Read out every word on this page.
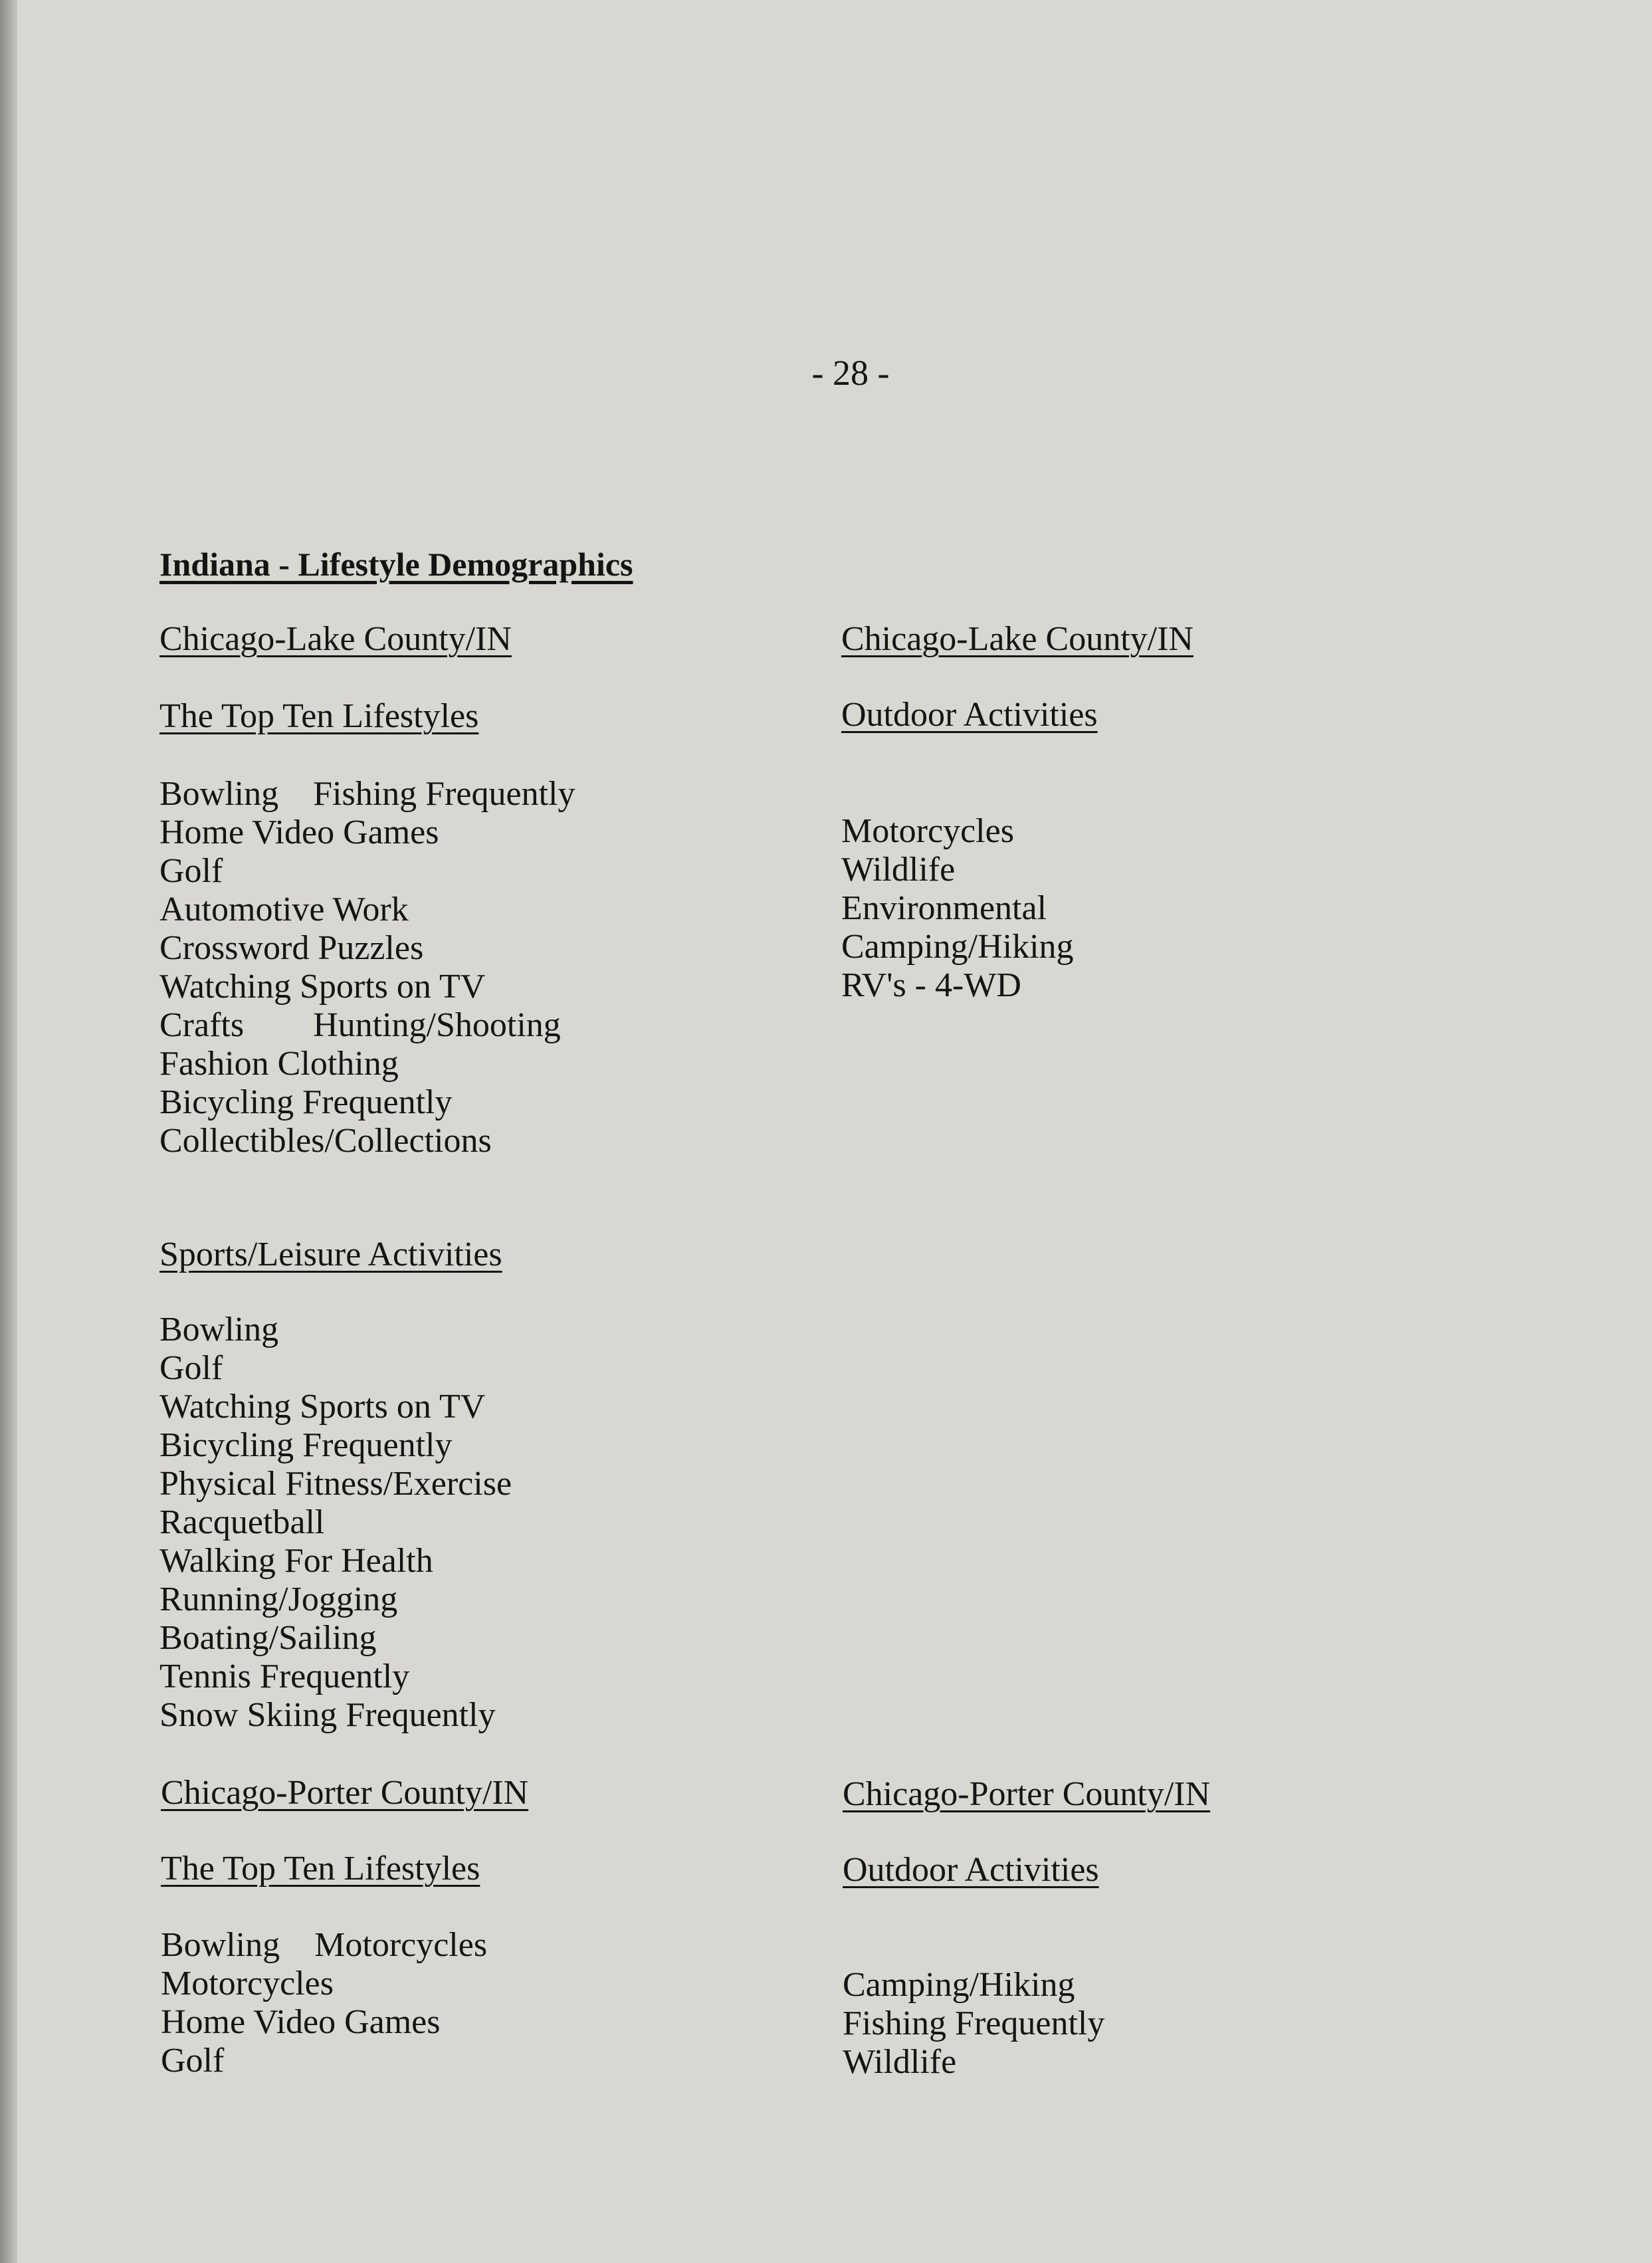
- 28 -
Indiana - Lifestyle Demographics
Chicago-Lake County/IN
The Top Ten Lifestyles
Bowling    Fishing Frequently
Home Video Games
Golf
Automotive Work
Crossword Puzzles
Watching Sports on TV
Crafts        Hunting/Shooting
Fashion Clothing
Bicycling Frequently
Collectibles/Collections
Sports/Leisure Activities
Bowling
Golf
Watching Sports on TV
Bicycling Frequently
Physical Fitness/Exercise
Racquetball
Walking For Health
Running/Jogging
Boating/Sailing
Tennis Frequently
Snow Skiing Frequently
Chicago-Lake County/IN
Outdoor Activities
Motorcycles
Wildlife
Environmental
Camping/Hiking
RV's - 4-WD
Chicago-Porter County/IN
The Top Ten Lifestyles
Bowling    Motorcycles
Motorcycles
Home Video Games
Golf
Chicago-Porter County/IN
Outdoor Activities
Camping/Hiking
Fishing Frequently
Wildlife
